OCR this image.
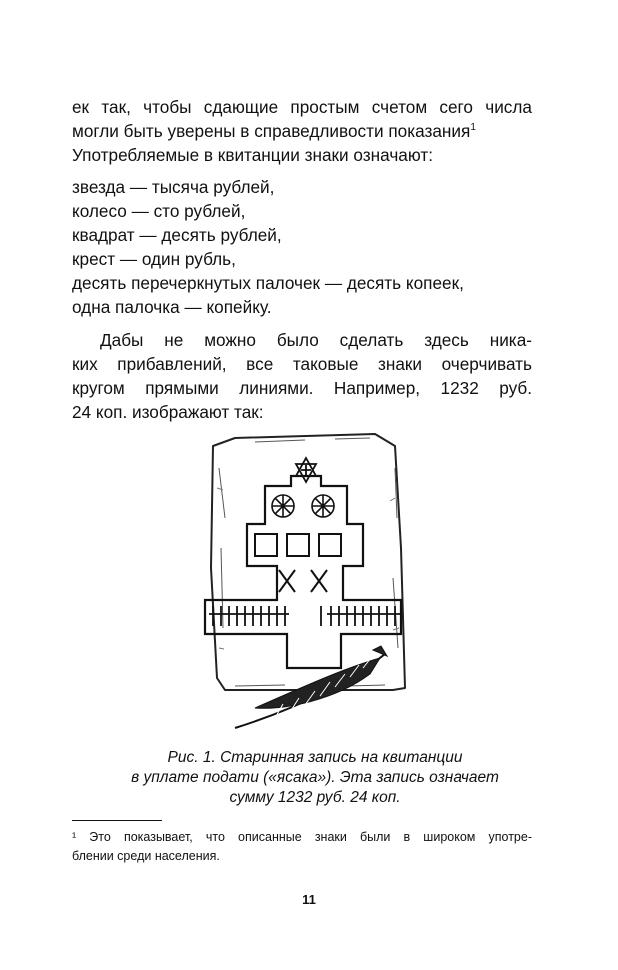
ек так, чтобы сдающие простым счетом сего числа
могли быть уверены в справедливости показания$^1$
Употребляемые в квитанции знаки означают:
звезда — тысяча рублей,
колесо — сто рублей,
квадрат — десять рублей,
крест — один рубль,
десять перечеркнутых палочек — десять копеек,
одна палочка — копейку.
Дабы не можно было сделать здесь ника-
ких прибавлений, все таковые знаки очерчивать
кругом прямыми линиями. Например, 1232 руб.
24 коп. изображают так:
Рис. 1. Старинная запись на квитанции
в уплате подати («ясака»). Эта запись означает
сумму 1232 руб. 24 коп.
¹ Это показывает, что описанные знаки были в широком употре-
блении среди населения.
11
